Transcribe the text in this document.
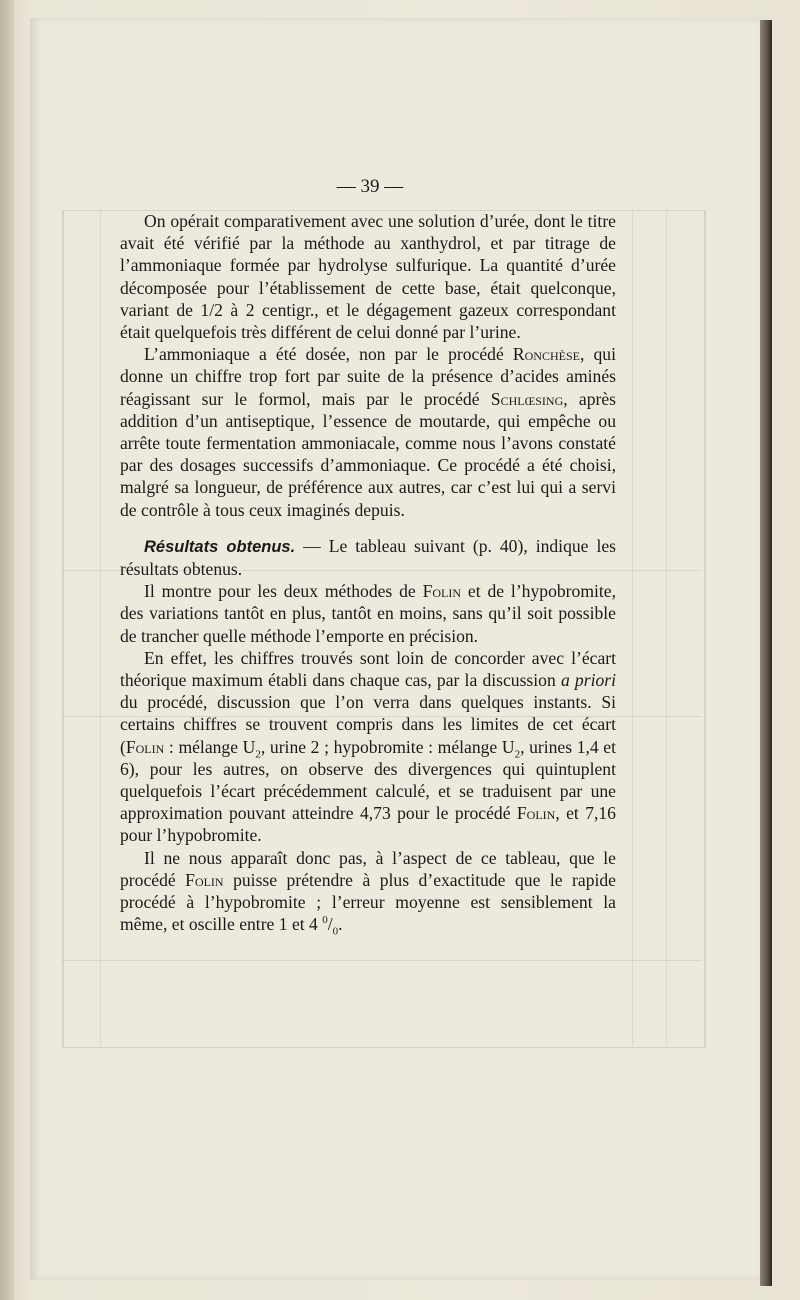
— 39 —

On opérait comparativement avec une solution d’urée, dont le titre avait été vérifié par la méthode au xanthydrol, et par titrage de l’ammoniaque formée par hydrolyse sulfurique. La quantité d’urée décomposée pour l’établissement de cette base, était quelconque, variant de 1/2 à 2 centigr., et le dégagement gazeux correspondant était quelquefois très différent de celui donné par l’urine.

L’ammoniaque a été dosée, non par le procédé Ronchèse, qui donne un chiffre trop fort par suite de la présence d’acides aminés réagissant sur le formol, mais par le procédé Schlœsing, après addition d’un antiseptique, l’essence de moutarde, qui empêche ou arrête toute fermentation ammoniacale, comme nous l’avons constaté par des dosages successifs d’ammoniaque. Ce procédé a été choisi, malgré sa longueur, de préférence aux autres, car c’est lui qui a servi de contrôle à tous ceux imaginés depuis.

Résultats obtenus. — Le tableau suivant (p. 40), indique les résultats obtenus.

Il montre pour les deux méthodes de Folin et de l’hypobromite, des variations tantôt en plus, tantôt en moins, sans qu’il soit possible de trancher quelle méthode l’emporte en précision.

En effet, les chiffres trouvés sont loin de concorder avec l’écart théorique maximum établi dans chaque cas, par la discussion a priori du procédé, discussion que l’on verra dans quelques instants. Si certains chiffres se trouvent compris dans les limites de cet écart (Folin : mélange $U_2$, urine 2 ; hypobromite : mélange $U_2$, urines 1,4 et 6), pour les autres, on observe des divergences qui quintuplent quelquefois l’écart précédemment calculé, et se traduisent par une approximation pouvant atteindre 4,73 pour le procédé Folin, et 7,16 pour l’hypobromite.

Il ne nous apparaît donc pas, à l’aspect de ce tableau, que le procédé Folin puisse prétendre à plus d’exactitude que le rapide procédé à l’hypobromite ; l’erreur moyenne est sensiblement la même, et oscille entre 1 et 4 $^0/_0$.
